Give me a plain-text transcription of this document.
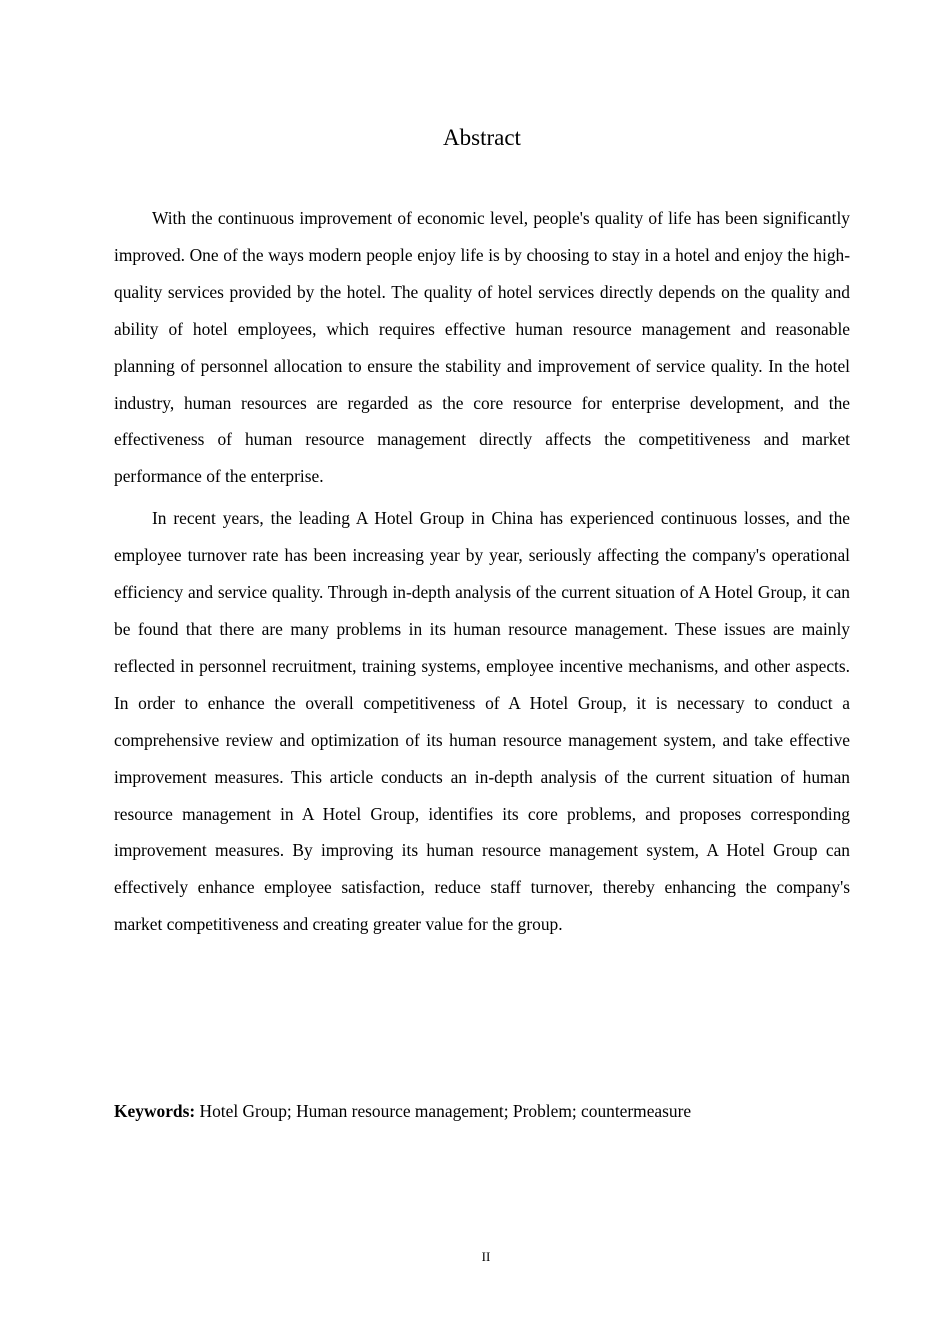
Abstract

With the continuous improvement of economic level, people's quality of life has been significantly improved. One of the ways modern people enjoy life is by choosing to stay in a hotel and enjoy the high-quality services provided by the hotel. The quality of hotel services directly depends on the quality and ability of hotel employees, which requires effective human resource management and reasonable planning of personnel allocation to ensure the stability and improvement of service quality. In the hotel industry, human resources are regarded as the core resource for enterprise development, and the effectiveness of human resource management directly affects the competitiveness and market performance of the enterprise.

In recent years, the leading A Hotel Group in China has experienced continuous losses, and the employee turnover rate has been increasing year by year, seriously affecting the company's operational efficiency and service quality. Through in-depth analysis of the current situation of A Hotel Group, it can be found that there are many problems in its human resource management. These issues are mainly reflected in personnel recruitment, training systems, employee incentive mechanisms, and other aspects. In order to enhance the overall competitiveness of A Hotel Group, it is necessary to conduct a comprehensive review and optimization of its human resource management system, and take effective improvement measures. This article conducts an in-depth analysis of the current situation of human resource management in A Hotel Group, identifies its core problems, and proposes corresponding improvement measures. By improving its human resource management system, A Hotel Group can effectively enhance employee satisfaction, reduce staff turnover, thereby enhancing the company's market competitiveness and creating greater value for the group.

Keywords: Hotel Group; Human resource management; Problem; countermeasure
II
